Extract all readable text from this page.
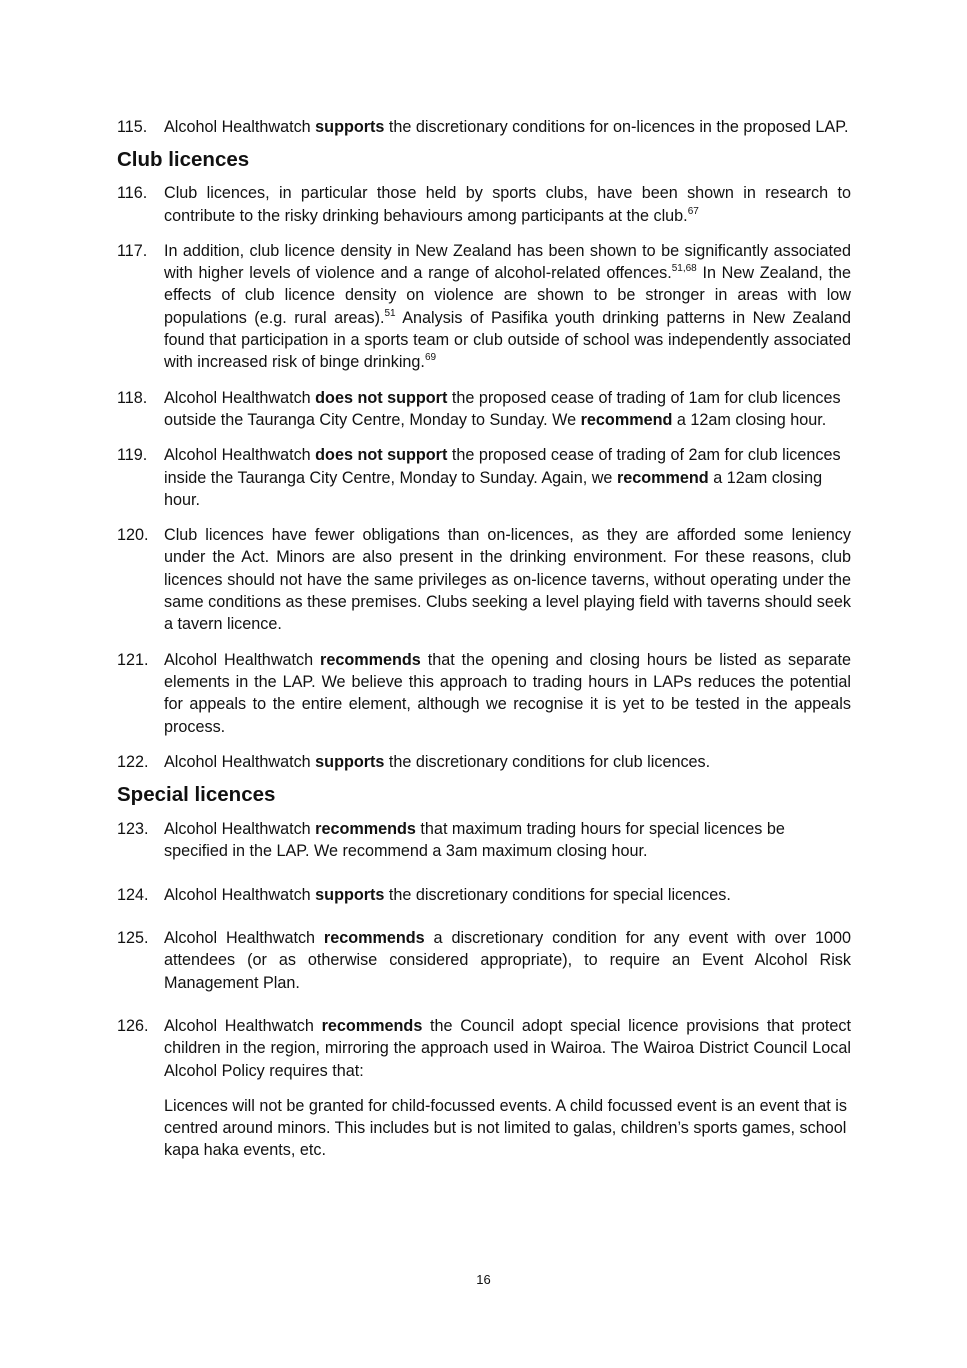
115.	Alcohol Healthwatch supports the discretionary conditions for on-licences in the proposed LAP.
Club licences
116.	Club licences, in particular those held by sports clubs, have been shown in research to contribute to the risky drinking behaviours among participants at the club.$^{67}$
117.	In addition, club licence density in New Zealand has been shown to be significantly associated with higher levels of violence and a range of alcohol-related offences.$^{51,68}$ In New Zealand, the effects of club licence density on violence are shown to be stronger in areas with low populations (e.g. rural areas).$^{51}$ Analysis of Pasifika youth drinking patterns in New Zealand found that participation in a sports team or club outside of school was independently associated with increased risk of binge drinking.$^{69}$
118.	Alcohol Healthwatch does not support the proposed cease of trading of 1am for club licences outside the Tauranga City Centre, Monday to Sunday. We recommend a 12am closing hour.
119.	Alcohol Healthwatch does not support the proposed cease of trading of 2am for club licences inside the Tauranga City Centre, Monday to Sunday. Again, we recommend a 12am closing hour.
120. Club licences have fewer obligations than on-licences, as they are afforded some leniency under the Act. Minors are also present in the drinking environment. For these reasons, club licences should not have the same privileges as on-licence taverns, without operating under the same conditions as these premises. Clubs seeking a level playing field with taverns should seek a tavern licence.
121. Alcohol Healthwatch recommends that the opening and closing hours be listed as separate elements in the LAP. We believe this approach to trading hours in LAPs reduces the potential for appeals to the entire element, although we recognise it is yet to be tested in the appeals process.
122. Alcohol Healthwatch supports the discretionary conditions for club licences.
Special licences
123. Alcohol Healthwatch recommends that maximum trading hours for special licences be specified in the LAP. We recommend a 3am maximum closing hour.
124. Alcohol Healthwatch supports the discretionary conditions for special licences.
125. Alcohol Healthwatch recommends a discretionary condition for any event with over 1000 attendees (or as otherwise considered appropriate), to require an Event Alcohol Risk Management Plan.
126. Alcohol Healthwatch recommends the Council adopt special licence provisions that protect children in the region, mirroring the approach used in Wairoa. The Wairoa District Council Local Alcohol Policy requires that:
Licences will not be granted for child-focussed events. A child focussed event is an event that is centred around minors. This includes but is not limited to galas, children’s sports games, school kapa haka events, etc.
16
